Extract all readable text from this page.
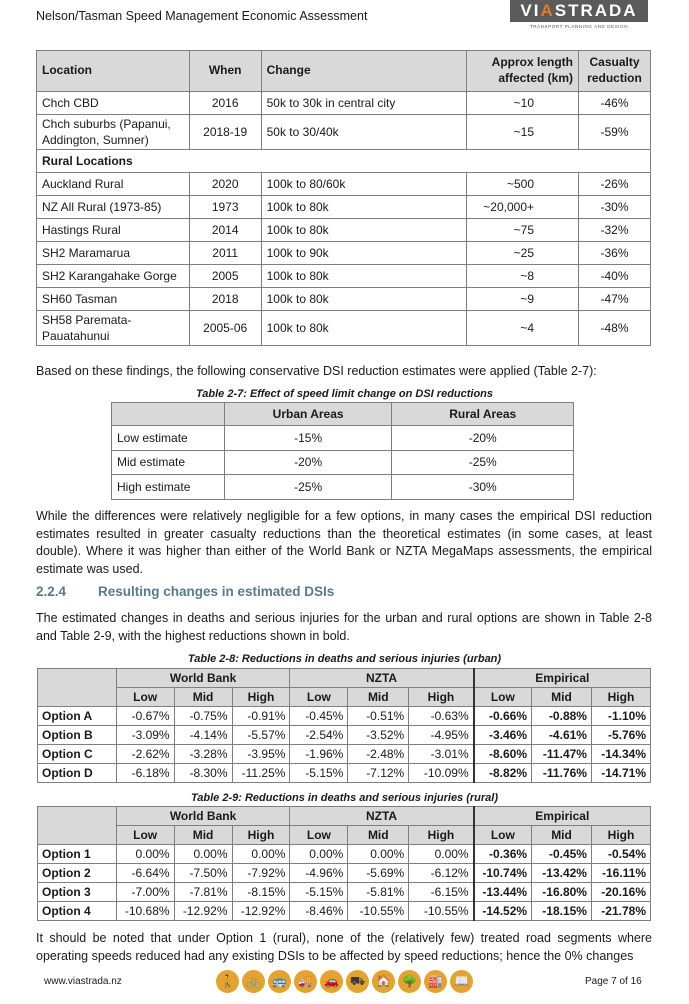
Nelson/Tasman Speed Management Economic Assessment	VIASTRADA
TRANSPORT PLANNING AND DESIGN
Location	When	Change	Approx length affected (km)	Casualty reduction
Chch CBD	2016	50k to 30k in central city	~10	-46%
Chch suburbs (Papanui, Addington, Sumner)	2018-19	50k to 30/40k	~15	-59%
Rural Locations				
Auckland Rural	2020	100k to 80/60k	~500	-26%
NZ All Rural (1973-85)	1973	100k to 80k	~20,000+	-30%
Hastings Rural	2014	100k to 80k	~75	-32%
SH2 Maramarua	2011	100k to 90k	~25	-36%
SH2 Karangahake Gorge	2005	100k to 80k	~8	-40%
SH60 Tasman	2018	100k to 80k	~9	-47%
SH58 Paremata-Pauatahunui	2005-06	100k to 80k	~4	-48%
Based on these findings, the following conservative DSI reduction estimates were applied (Table 2-7):
Table 2-7: Effect of speed limit change on DSI reductions
	Urban Areas	Rural Areas
Low estimate	-15%	-20%
Mid estimate	-20%	-25%
High estimate	-25%	-30%
While the differences were relatively negligible for a few options, in many cases the empirical DSI reduction estimates resulted in greater casualty reductions than the theoretical estimates (in some cases, at least double). Where it was higher than either of the World Bank or NZTA MegaMaps assessments, the empirical estimate was used.
2.2.4 Resulting changes in estimated DSIs
The estimated changes in deaths and serious injuries for the urban and rural options are shown in Table 2-8 and Table 2-9, with the highest reductions shown in bold.
Table 2-8: Reductions in deaths and serious injuries (urban)
	World Bank			NZTA			Empirical		
	Low	Mid	High	Low	Mid	High	Low	Mid	High
Option A	-0.67%	-0.75%	-0.91%	-0.45%	-0.51%	-0.63%	-0.66%	-0.88%	-1.10%
Option B	-3.09%	-4.14%	-5.57%	-2.54%	-3.52%	-4.95%	-3.46%	-4.61%	-5.76%
Option C	-2.62%	-3.28%	-3.95%	-1.96%	-2.48%	-3.01%	-8.60%	-11.47%	-14.34%
Option D	-6.18%	-8.30%	-11.25%	-5.15%	-7.12%	-10.09%	-8.82%	-11.76%	-14.71%
Table 2-9: Reductions in deaths and serious injuries (rural)
	World Bank			NZTA			Empirical		
	Low	Mid	High	Low	Mid	High	Low	Mid	High
Option 1	0.00%	0.00%	0.00%	0.00%	0.00%	0.00%	-0.36%	-0.45%	-0.54%
Option 2	-6.64%	-7.50%	-7.92%	-4.96%	-5.69%	-6.12%	-10.74%	-13.42%	-16.11%
Option 3	-7.00%	-7.81%	-8.15%	-5.15%	-5.81%	-6.15%	-13.44%	-16.80%	-20.16%
Option 4	-10.68%	-12.92%	-12.92%	-8.46%	-10.55%	-10.55%	-14.52%	-18.15%	-21.78%
It should be noted that under Option 1 (rural), none of the (relatively few) treated road segments where operating speeds reduced had any existing DSIs to be affected by speed reductions; hence the 0% changes
www.viastrada.nz	🚶 🚲 🚌 🚚 🚗 ⛟ 🏠 🌳 🏭 📖	Page 7 of 16
